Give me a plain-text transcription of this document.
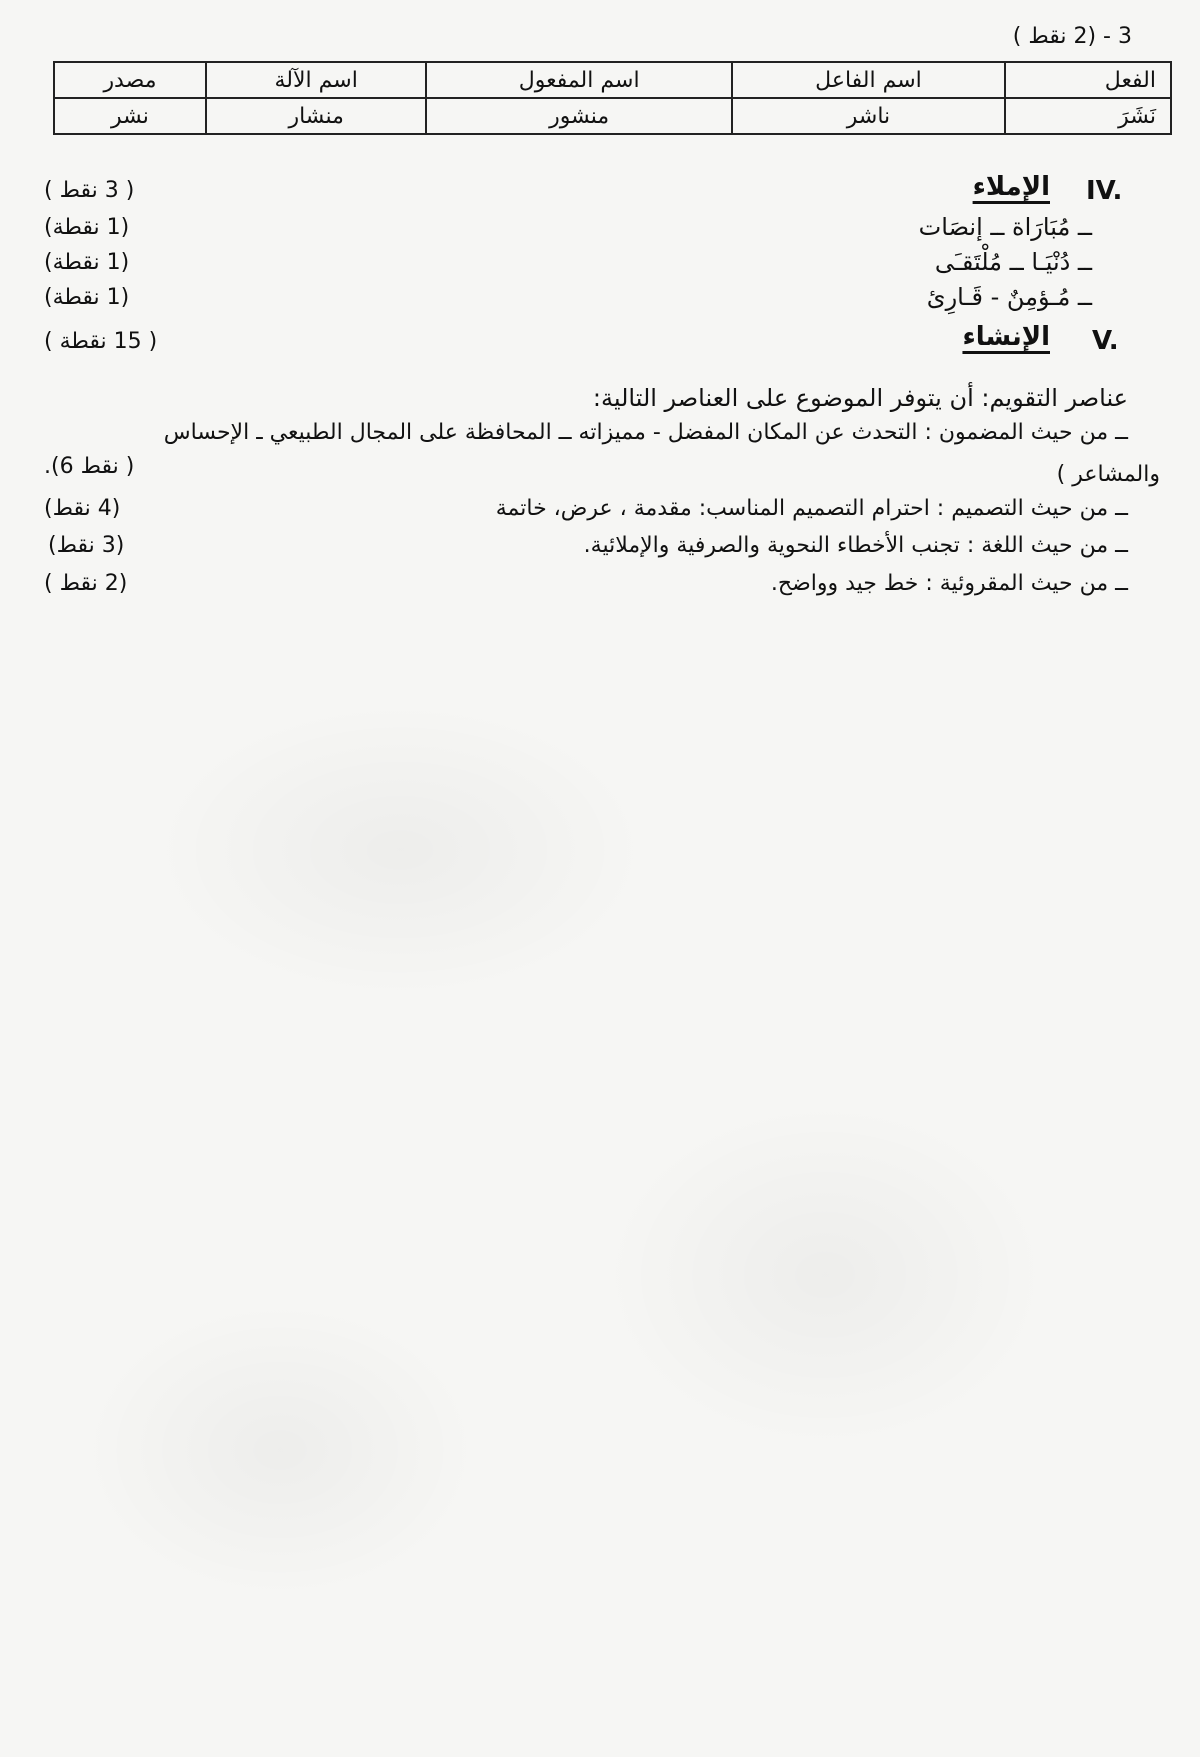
3 - (2 نقط )
الفعل	اسم الفاعل	اسم المفعول	اسم الآلة	مصدر
نَشَرَ	ناشر	منشور	منشار	نشر
IV.
الإملاء
( 3 نقط )
ــ مُبَارَاة ــ إنصَات
(1 نقطة)
ــ دُنْيَـا ــ مُلْتَقـَى
(1 نقطة)
ــ مُـؤمِنٌ - قَـارِئ
(1 نقطة)
V.
الإنشاء
( 15 نقطة )
عناصر التقويم: أن يتوفر الموضوع على العناصر التالية:
ــ من حيث المضمون : التحدث عن المكان المفضل - مميزاته ــ المحافظة على المجال الطبيعي ـ الإحساس
.(6 نقط )	والمشاعر )
ــ من حيث التصميم : احترام التصميم المناسب: مقدمة ، عرض، خاتمة
(4 نقط)
ــ من حيث اللغة : تجنب الأخطاء النحوية والصرفية والإملائية.
(3 نقط)
ــ من حيث المقروئية : خط جيد وواضح.
(2 نقط )
